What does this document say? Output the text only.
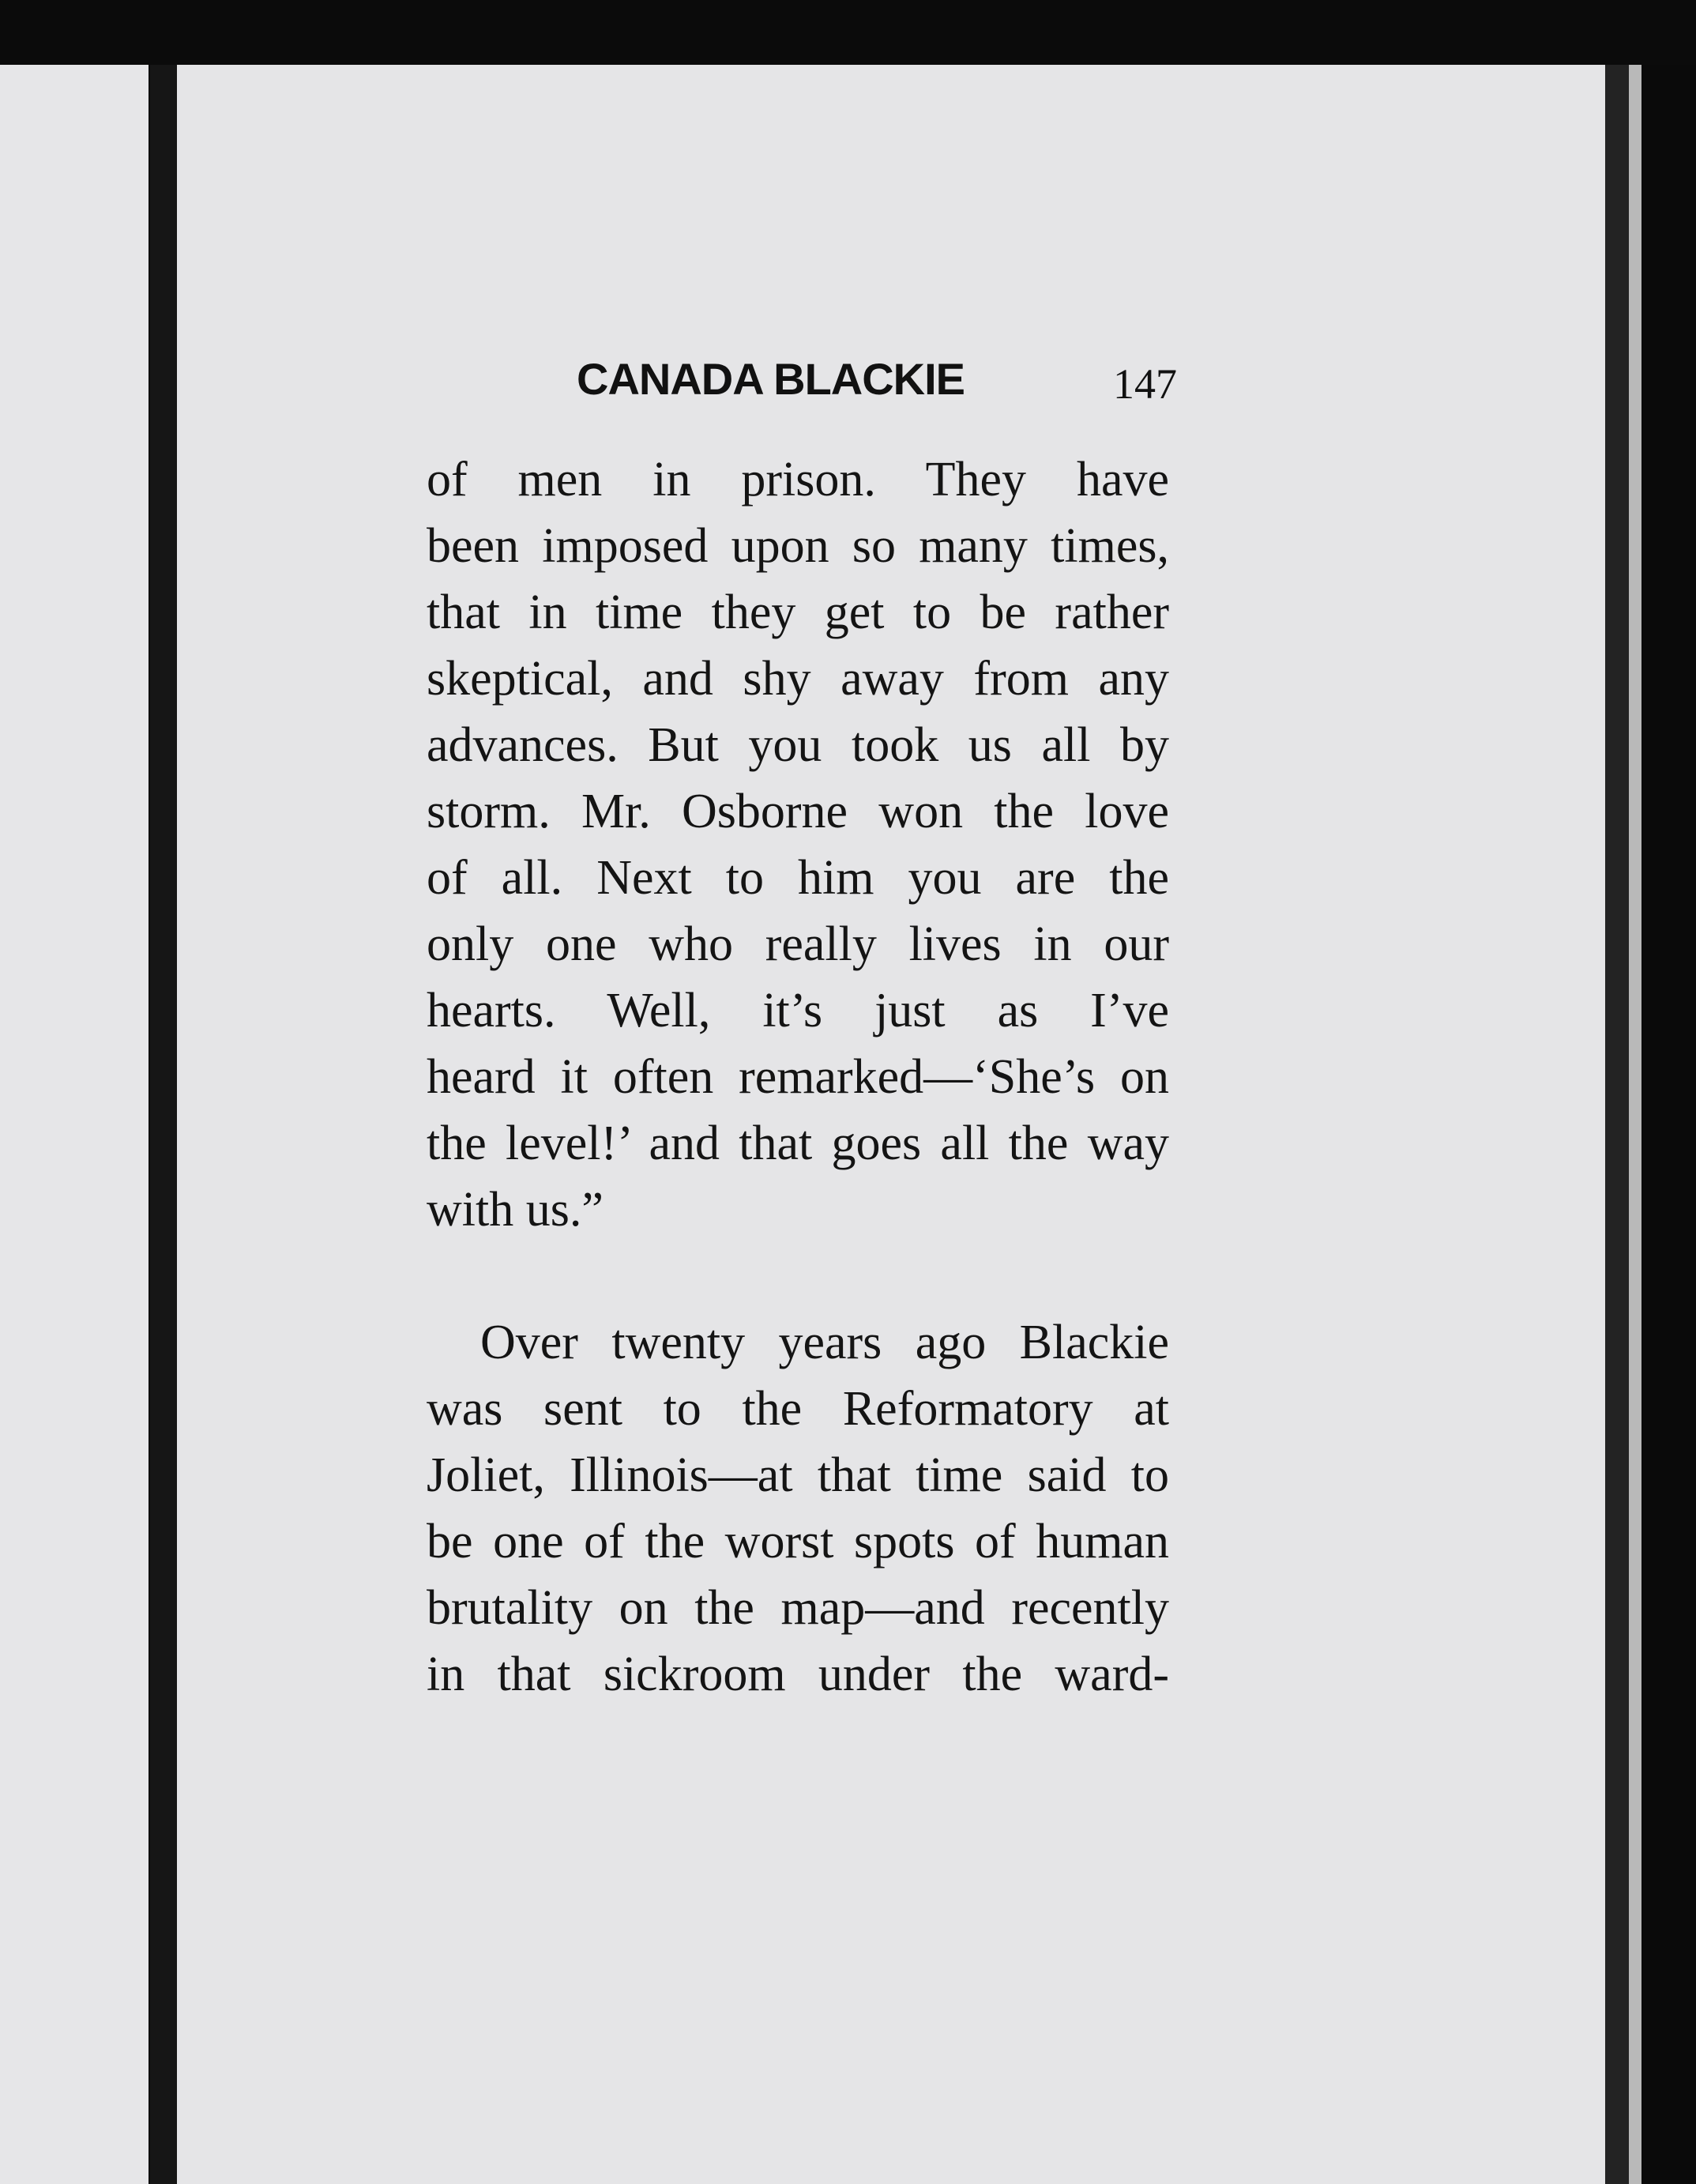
CANADA BLACKIE	147
of men in prison. They have
been imposed upon so many times,
that in time they get to be rather
skeptical, and shy away from any
advances. But you took us all by
storm. Mr. Osborne won the love
of all. Next to him you are the
only one who really lives in our
hearts. Well, it’s just as I’ve
heard it often remarked—‘She’s on
the level!’ and that goes all the way
with us.”
Over twenty years ago Blackie
was sent to the Reformatory at
Joliet, Illinois—at that time said to
be one of the worst spots of human
brutality on the map—and recently
in that sickroom under the ward-
